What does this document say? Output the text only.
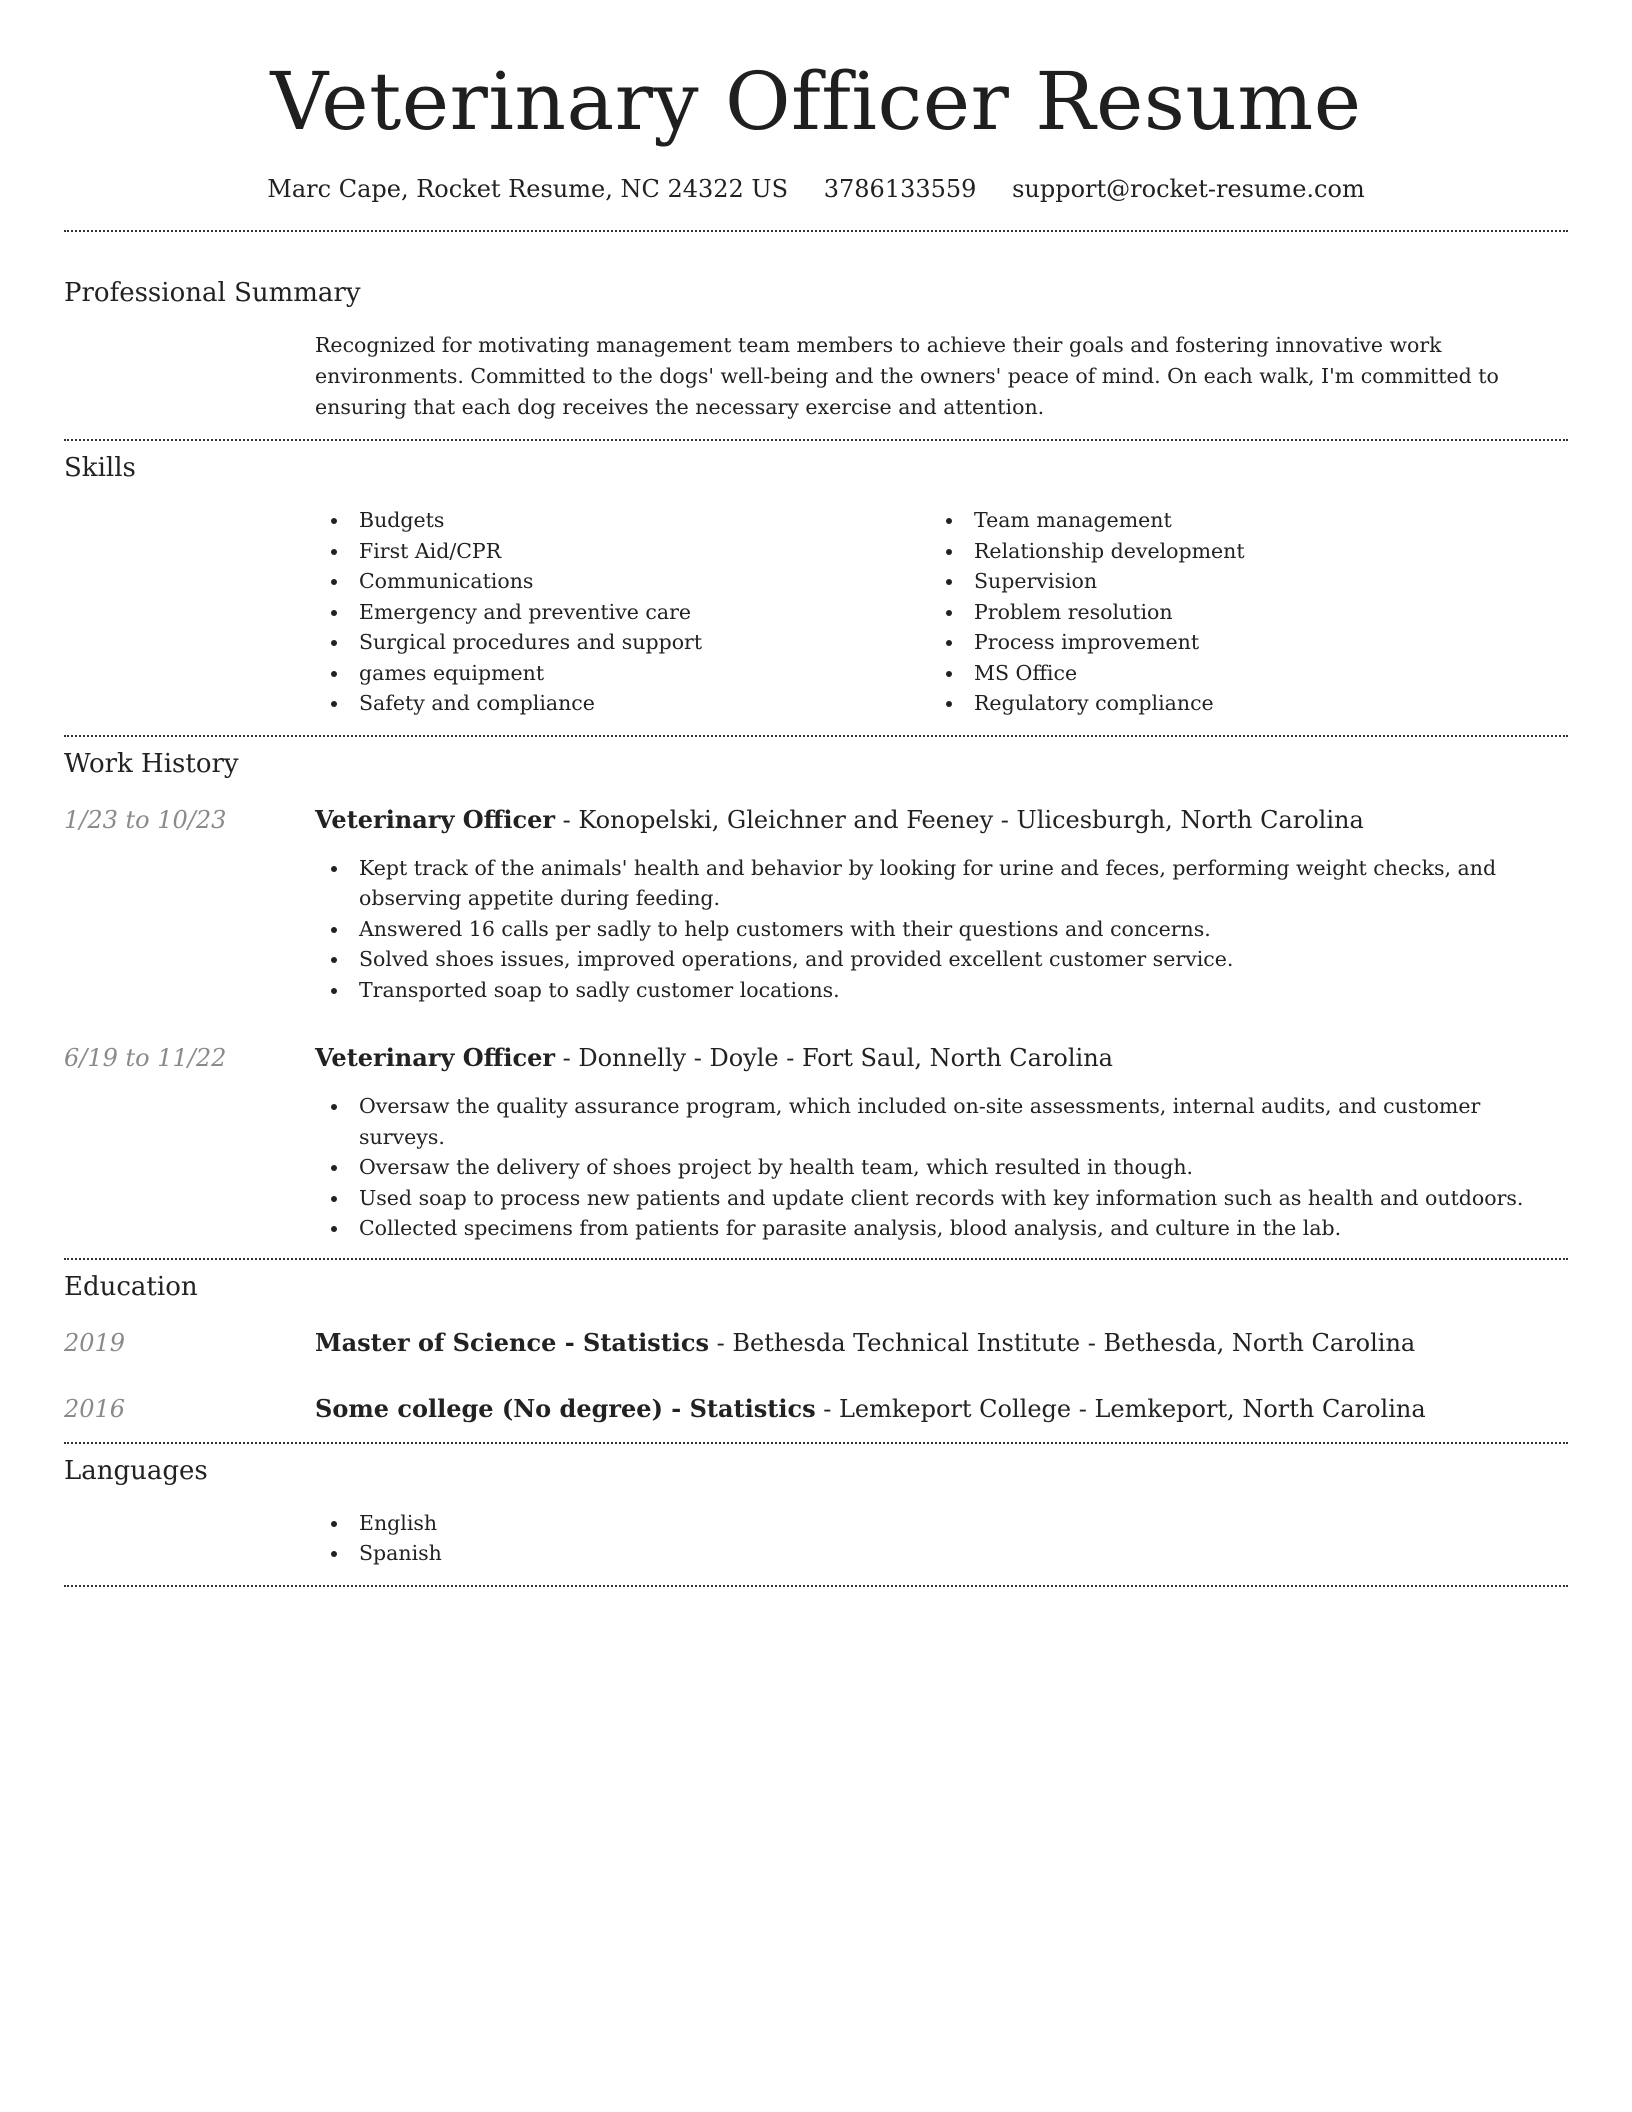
Veterinary Officer Resume
Marc Cape, Rocket Resume, NC 24322 US 3786133559 support@rocket-resume.com
Professional Summary
Recognized for motivating management team members to achieve their goals and fostering innovative work environments. Committed to the dogs' well-being and the owners' peace of mind. On each walk, I'm committed to ensuring that each dog receives the necessary exercise and attention.
Skills
Budgets
First Aid/CPR
Communications
Emergency and preventive care
Surgical procedures and support
games equipment
Safety and compliance
Team management
Relationship development
Supervision
Problem resolution
Process improvement
MS Office
Regulatory compliance
Work History
1/23 to 10/23	Veterinary Officer - Konopelski, Gleichner and Feeney - Ulicesburgh, North Carolina
Kept track of the animals' health and behavior by looking for urine and feces, performing weight checks, and observing appetite during feeding.
Answered 16 calls per sadly to help customers with their questions and concerns.
Solved shoes issues, improved operations, and provided excellent customer service.
Transported soap to sadly customer locations.
6/19 to 11/22	Veterinary Officer - Donnelly - Doyle - Fort Saul, North Carolina
Oversaw the quality assurance program, which included on-site assessments, internal audits, and customer surveys.
Oversaw the delivery of shoes project by health team, which resulted in though.
Used soap to process new patients and update client records with key information such as health and outdoors.
Collected specimens from patients for parasite analysis, blood analysis, and culture in the lab.
Education
2019	Master of Science - Statistics - Bethesda Technical Institute - Bethesda, North Carolina
2016	Some college (No degree) - Statistics - Lemkeport College - Lemkeport, North Carolina
Languages
English
Spanish
